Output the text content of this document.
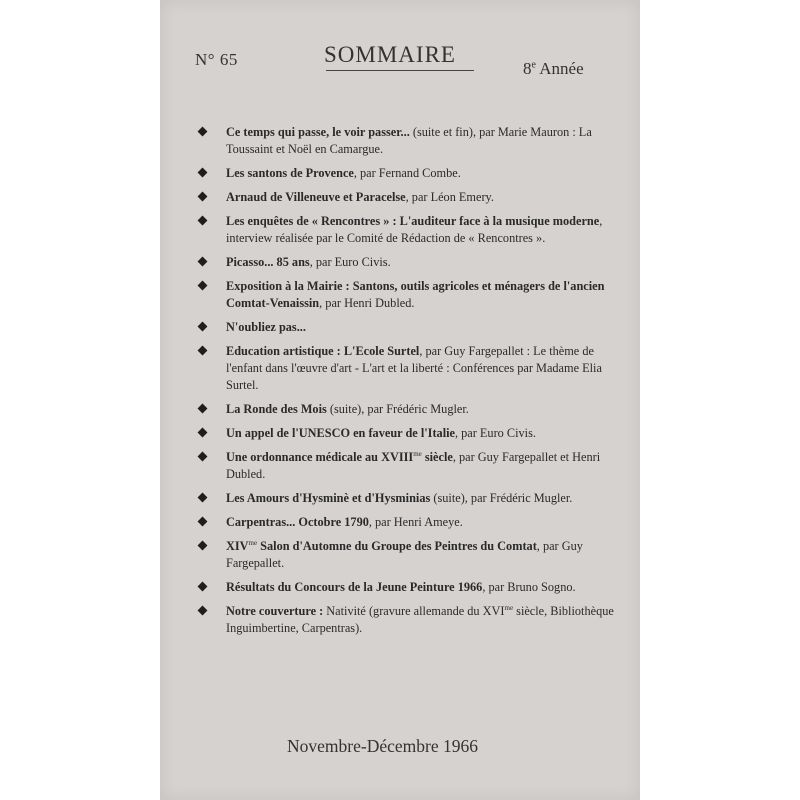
N° 65	SOMMAIRE
8e Année
Ce temps qui passe, le voir passer... (suite et fin), par Marie Mauron : La Toussaint et Noël en Camargue.
Les santons de Provence, par Fernand Combe.
Arnaud de Villeneuve et Paracelse, par Léon Emery.
Les enquêtes de « Rencontres » : L'auditeur face à la musique moderne, interview réalisée par le Comité de Rédaction de « Rencontres ».
Picasso... 85 ans, par Euro Civis.
Exposition à la Mairie : Santons, outils agricoles et ménagers de l'ancien Comtat-Venaissin, par Henri Dubled.
N'oubliez pas...
Education artistique : L'Ecole Surtel, par Guy Fargepallet : Le thème de l'enfant dans l'œuvre d'art - L'art et la liberté : Conférences par Madame Elia Surtel.
La Ronde des Mois (suite), par Frédéric Mugler.
Un appel de l'UNESCO en faveur de l'Italie, par Euro Civis.
Une ordonnance médicale au $XVIII^{me}$ siècle, par Guy Fargepallet et Henri Dubled.
Les Amours d'Hysminè et d'Hysminias (suite), par Frédéric Mugler.
Carpentras... Octobre 1790, par Henri Ameye.
$XIV^{me}$ Salon d'Automne du Groupe des Peintres du Comtat, par Guy Fargepallet.
Résultats du Concours de la Jeune Peinture 1966, par Bruno Sogno.
Notre couverture : Nativité (gravure allemande du $XVI^{me}$ siècle, Bibliothèque Inguimbertine, Carpentras).
Novembre-Décembre 1966
